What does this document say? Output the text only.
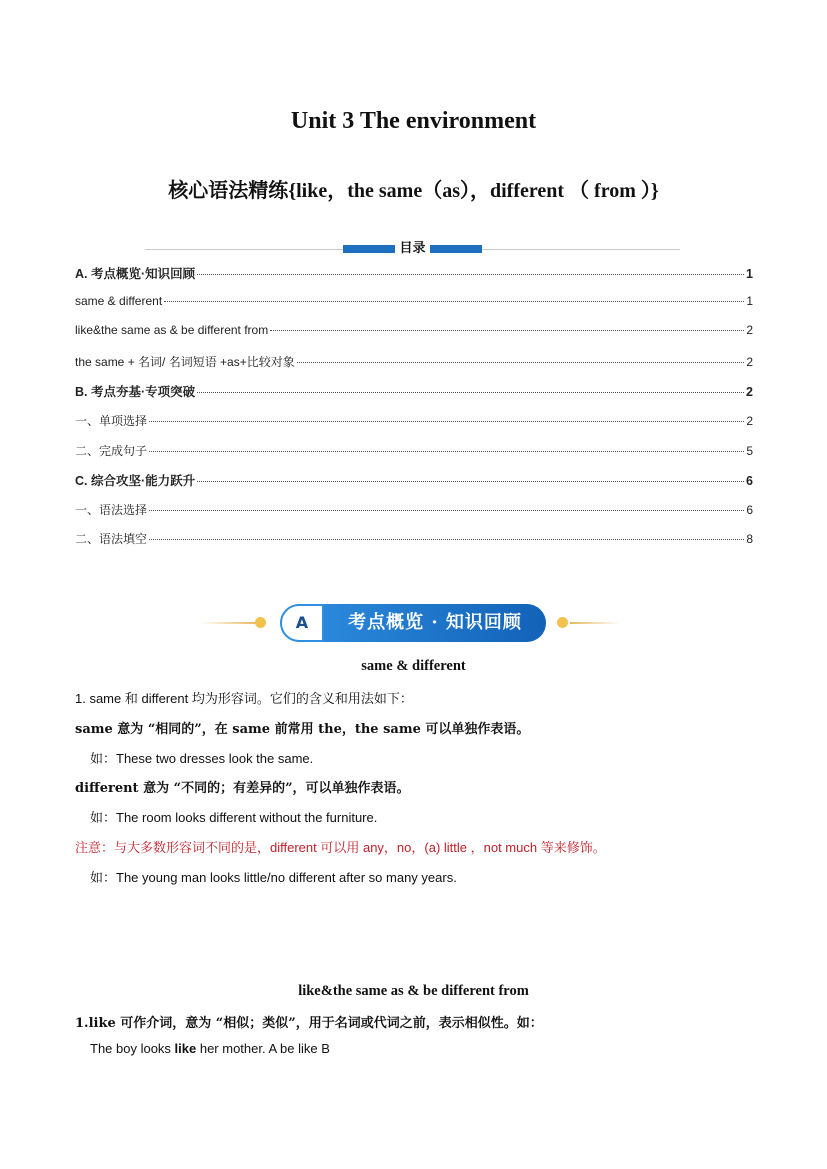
Unit 3 The environment
核心语法精练{like，the same（as），different （ from ）}
目录
A. 考点概览·知识回顾	1
same & different	1
like&the same as & be different from	2
the same + 名词/ 名词短语 +as+比较对象	2
B. 考点夯基·专项突破	2
一、单项选择	2
二、完成句子	5
C. 综合攻坚·能力跃升	6
一、语法选择	6
二、语法填空	8
A	考点概览 · 知识回顾
same & different
1. same 和 different 均为形容词。它们的含义和用法如下：
same 意为 “相同的”，在 same 前常用 the，the same 可以单独作表语。
如：These two dresses look the same.
different 意为 “不同的；有差异的”，可以单独作表语。
如：The room looks different without the furniture.
注意：与大多数形容词不同的是，different 可以用 any，no，(a) little ，not much 等来修饰。
如：The young man looks little/no different after so many years.
like&the same as & be different from
1.like 可作介词，意为 “相似；类似”，用于名词或代词之前，表示相似性。如：
The boy looks like her mother. A be like B
